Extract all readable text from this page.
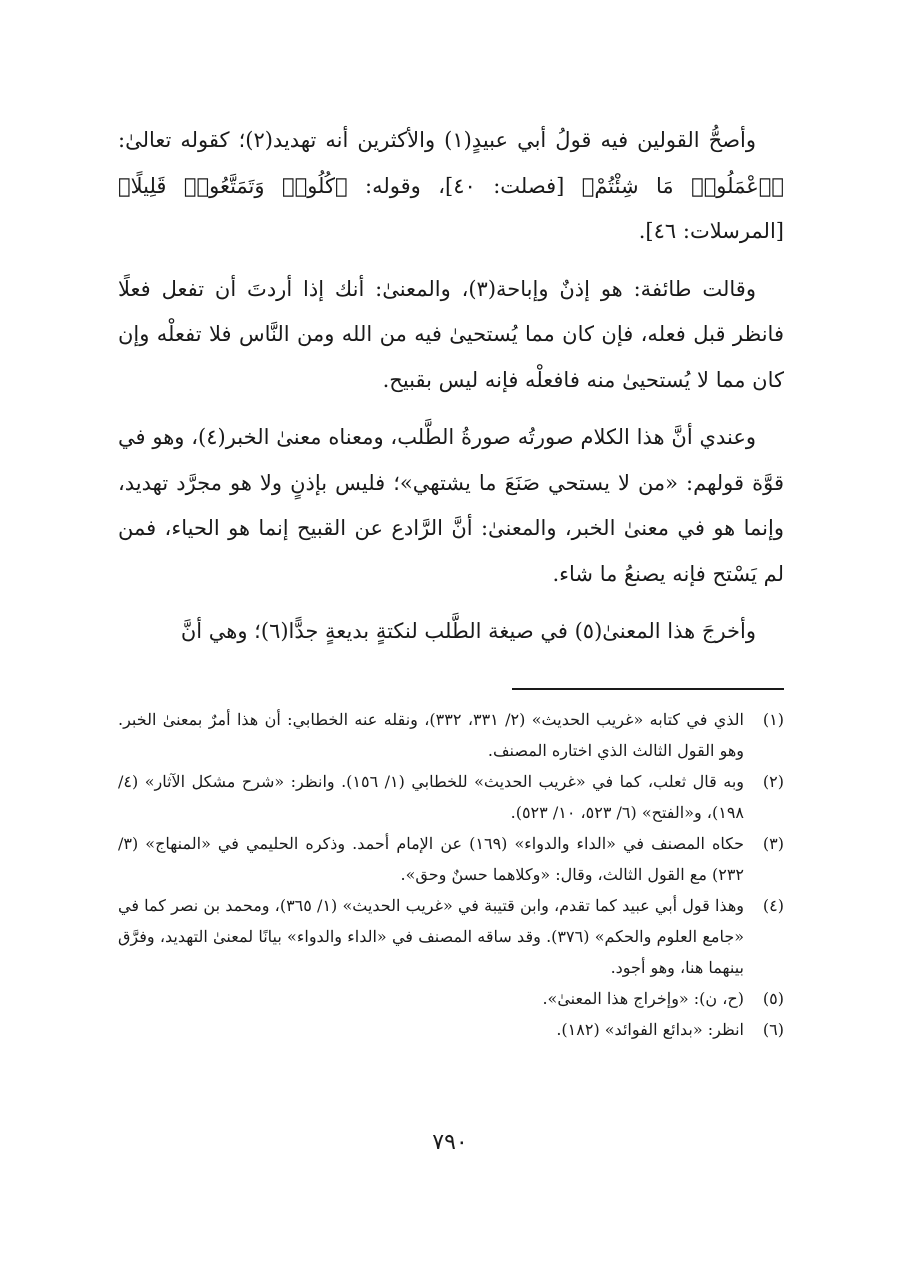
وأصحُّ القولين فيه قولُ أبي عبيدٍ(١) والأكثرين أنه تهديد(٢)؛ كقوله تعالىٰ: ﴿ٱعْمَلُوا۟ مَا شِئْتُمْ﴾ [فصلت: ٤٠]، وقوله: ﴿كُلُوا۟ وَتَمَتَّعُوا۟ قَلِيلًا﴾ [المرسلات: ٤٦].

وقالت طائفة: هو إذنٌ وإباحة(٣)، والمعنىٰ: أنك إذا أردتَ أن تفعل فعلًا فانظر قبل فعله، فإن كان مما يُستحيىٰ فيه من الله ومن النَّاس فلا تفعلْه وإن كان مما لا يُستحيىٰ منه فافعلْه فإنه ليس بقبيح.

وعندي أنَّ هذا الكلام صورتُه صورةُ الطَّلب، ومعناه معنىٰ الخبر(٤)، وهو في قوَّة قولهم: «من لا يستحي صَنَعَ ما يشتهي»؛ فليس بإذنٍ ولا هو مجرَّد تهديد، وإنما هو في معنىٰ الخبر، والمعنىٰ: أنَّ الرَّادع عن القبيح إنما هو الحياء، فمن لم يَسْتح فإنه يصنعُ ما شاء.

وأخرجَ هذا المعنىٰ(٥) في صيغة الطَّلب لنكتةٍ بديعةٍ جدًّا(٦)؛ وهي أنَّ

(١)
الذي في كتابه «غريب الحديث» (٢/ ٣٣١، ٣٣٢)، ونقله عنه الخطابي: أن هذا أمرٌ بمعنىٰ الخبر. وهو القول الثالث الذي اختاره المصنف.
(٢)
وبه قال ثعلب، كما في «غريب الحديث» للخطابي (١/ ١٥٦). وانظر: «شرح مشكل الآثار» (٤/ ١٩٨)، و«الفتح» (٦/ ٥٢٣، ١٠/ ٥٢٣).
(٣)
حكاه المصنف في «الداء والدواء» (١٦٩) عن الإمام أحمد. وذكره الحليمي في «المنهاج» (٣/ ٢٣٢) مع القول الثالث، وقال: «وكلاهما حسنٌ وحق».
(٤)
وهذا قول أبي عبيد كما تقدم، وابن قتيبة في «غريب الحديث» (١/ ٣٦٥)، ومحمد بن نصر كما في «جامع العلوم والحكم» (٣٧٦). وقد ساقه المصنف في «الداء والدواء» بيانًا لمعنىٰ التهديد، وفرَّق بينهما هنا، وهو أجود.
(٥)
(ح، ن): «وإخراج هذا المعنىٰ».
(٦)
انظر: «بدائع الفوائد» (١٨٢).
٧٩٠
